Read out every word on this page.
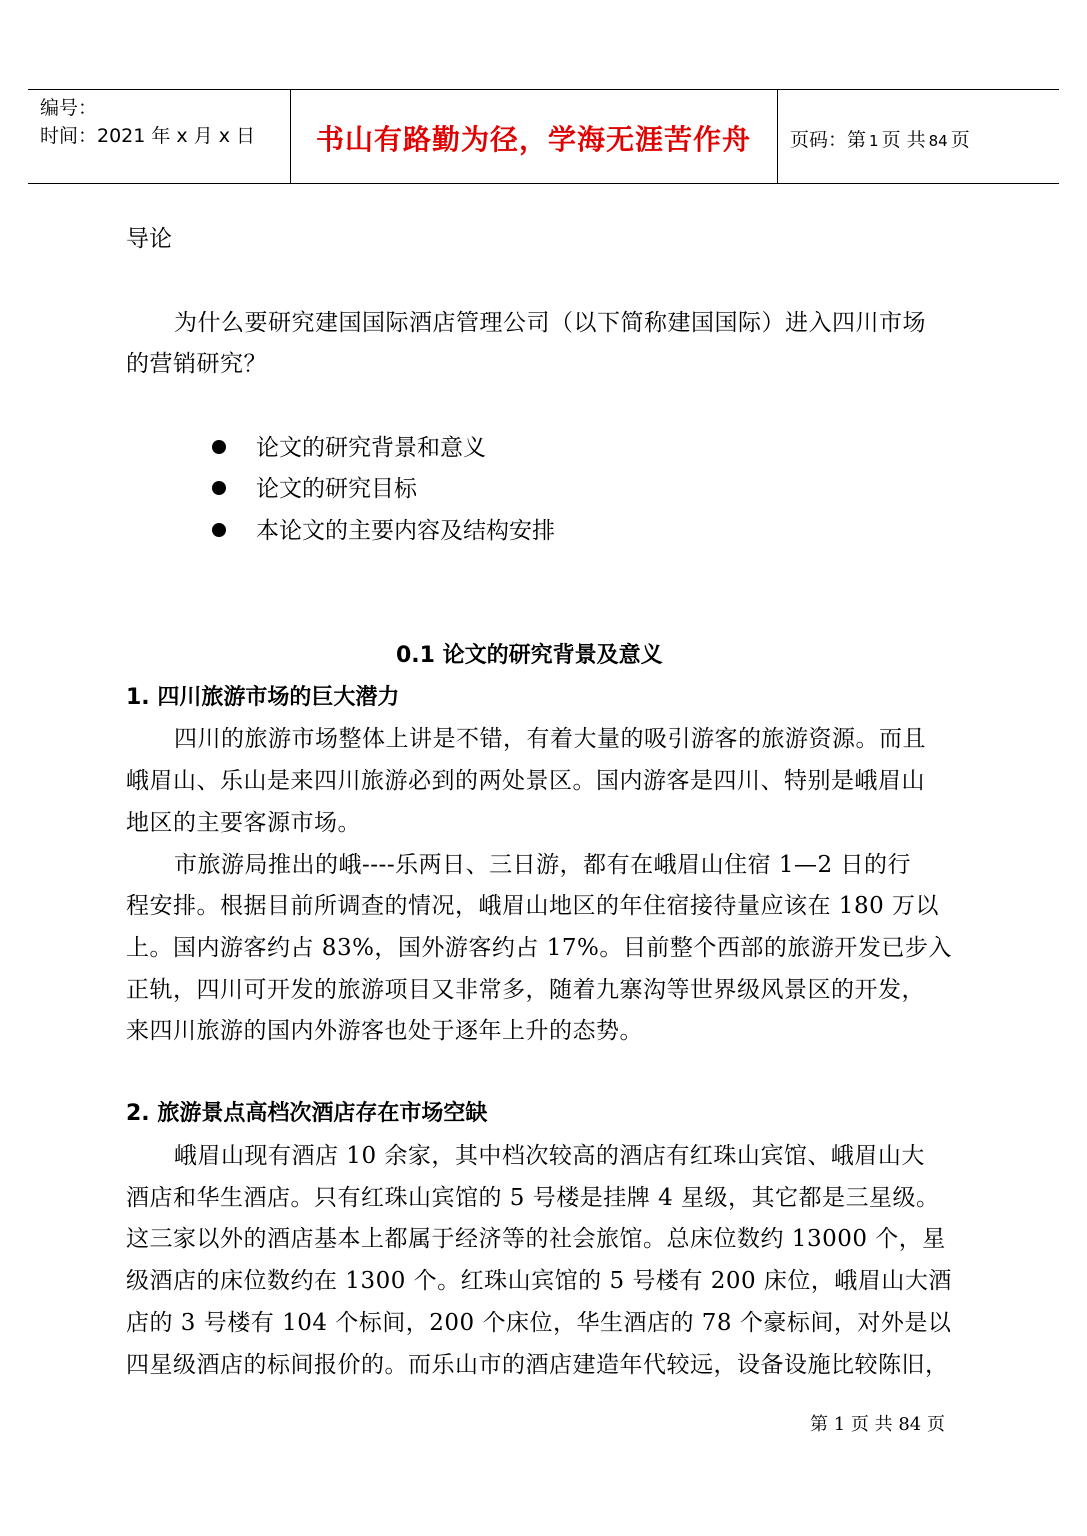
编号：
时间：2021 年 x 月 x 日	书山有路勤为径，学海无涯苦作舟	页码：第 1 页 共 84 页
导论
为什么要研究建国国际酒店管理公司（以下简称建国国际）进入四川市场
的营销研究？
论文的研究背景和意义
论文的研究目标
本论文的主要内容及结构安排
0.1 论文的研究背景及意义
1. 四川旅游市场的巨大潜力
四川的旅游市场整体上讲是不错，有着大量的吸引游客的旅游资源。而且
峨眉山、乐山是来四川旅游必到的两处景区。国内游客是四川、特别是峨眉山
地区的主要客源市场。
市旅游局推出的峨----乐两日、三日游，都有在峨眉山住宿 1—2 日的行
程安排。根据目前所调查的情况，峨眉山地区的年住宿接待量应该在 180 万以
上。国内游客约占 83%，国外游客约占 17%。目前整个西部的旅游开发已步入
正轨，四川可开发的旅游项目又非常多，随着九寨沟等世界级风景区的开发，
来四川旅游的国内外游客也处于逐年上升的态势。
2. 旅游景点高档次酒店存在市场空缺
峨眉山现有酒店 10 余家，其中档次较高的酒店有红珠山宾馆、峨眉山大
酒店和华生酒店。只有红珠山宾馆的 5 号楼是挂牌 4 星级，其它都是三星级。
这三家以外的酒店基本上都属于经济等的社会旅馆。总床位数约 13000 个，星
级酒店的床位数约在 1300 个。红珠山宾馆的 5 号楼有 200 床位，峨眉山大酒
店的 3 号楼有 104 个标间，200 个床位，华生酒店的 78 个豪标间，对外是以
四星级酒店的标间报价的。而乐山市的酒店建造年代较远，设备设施比较陈旧，
第 1 页 共 84 页
